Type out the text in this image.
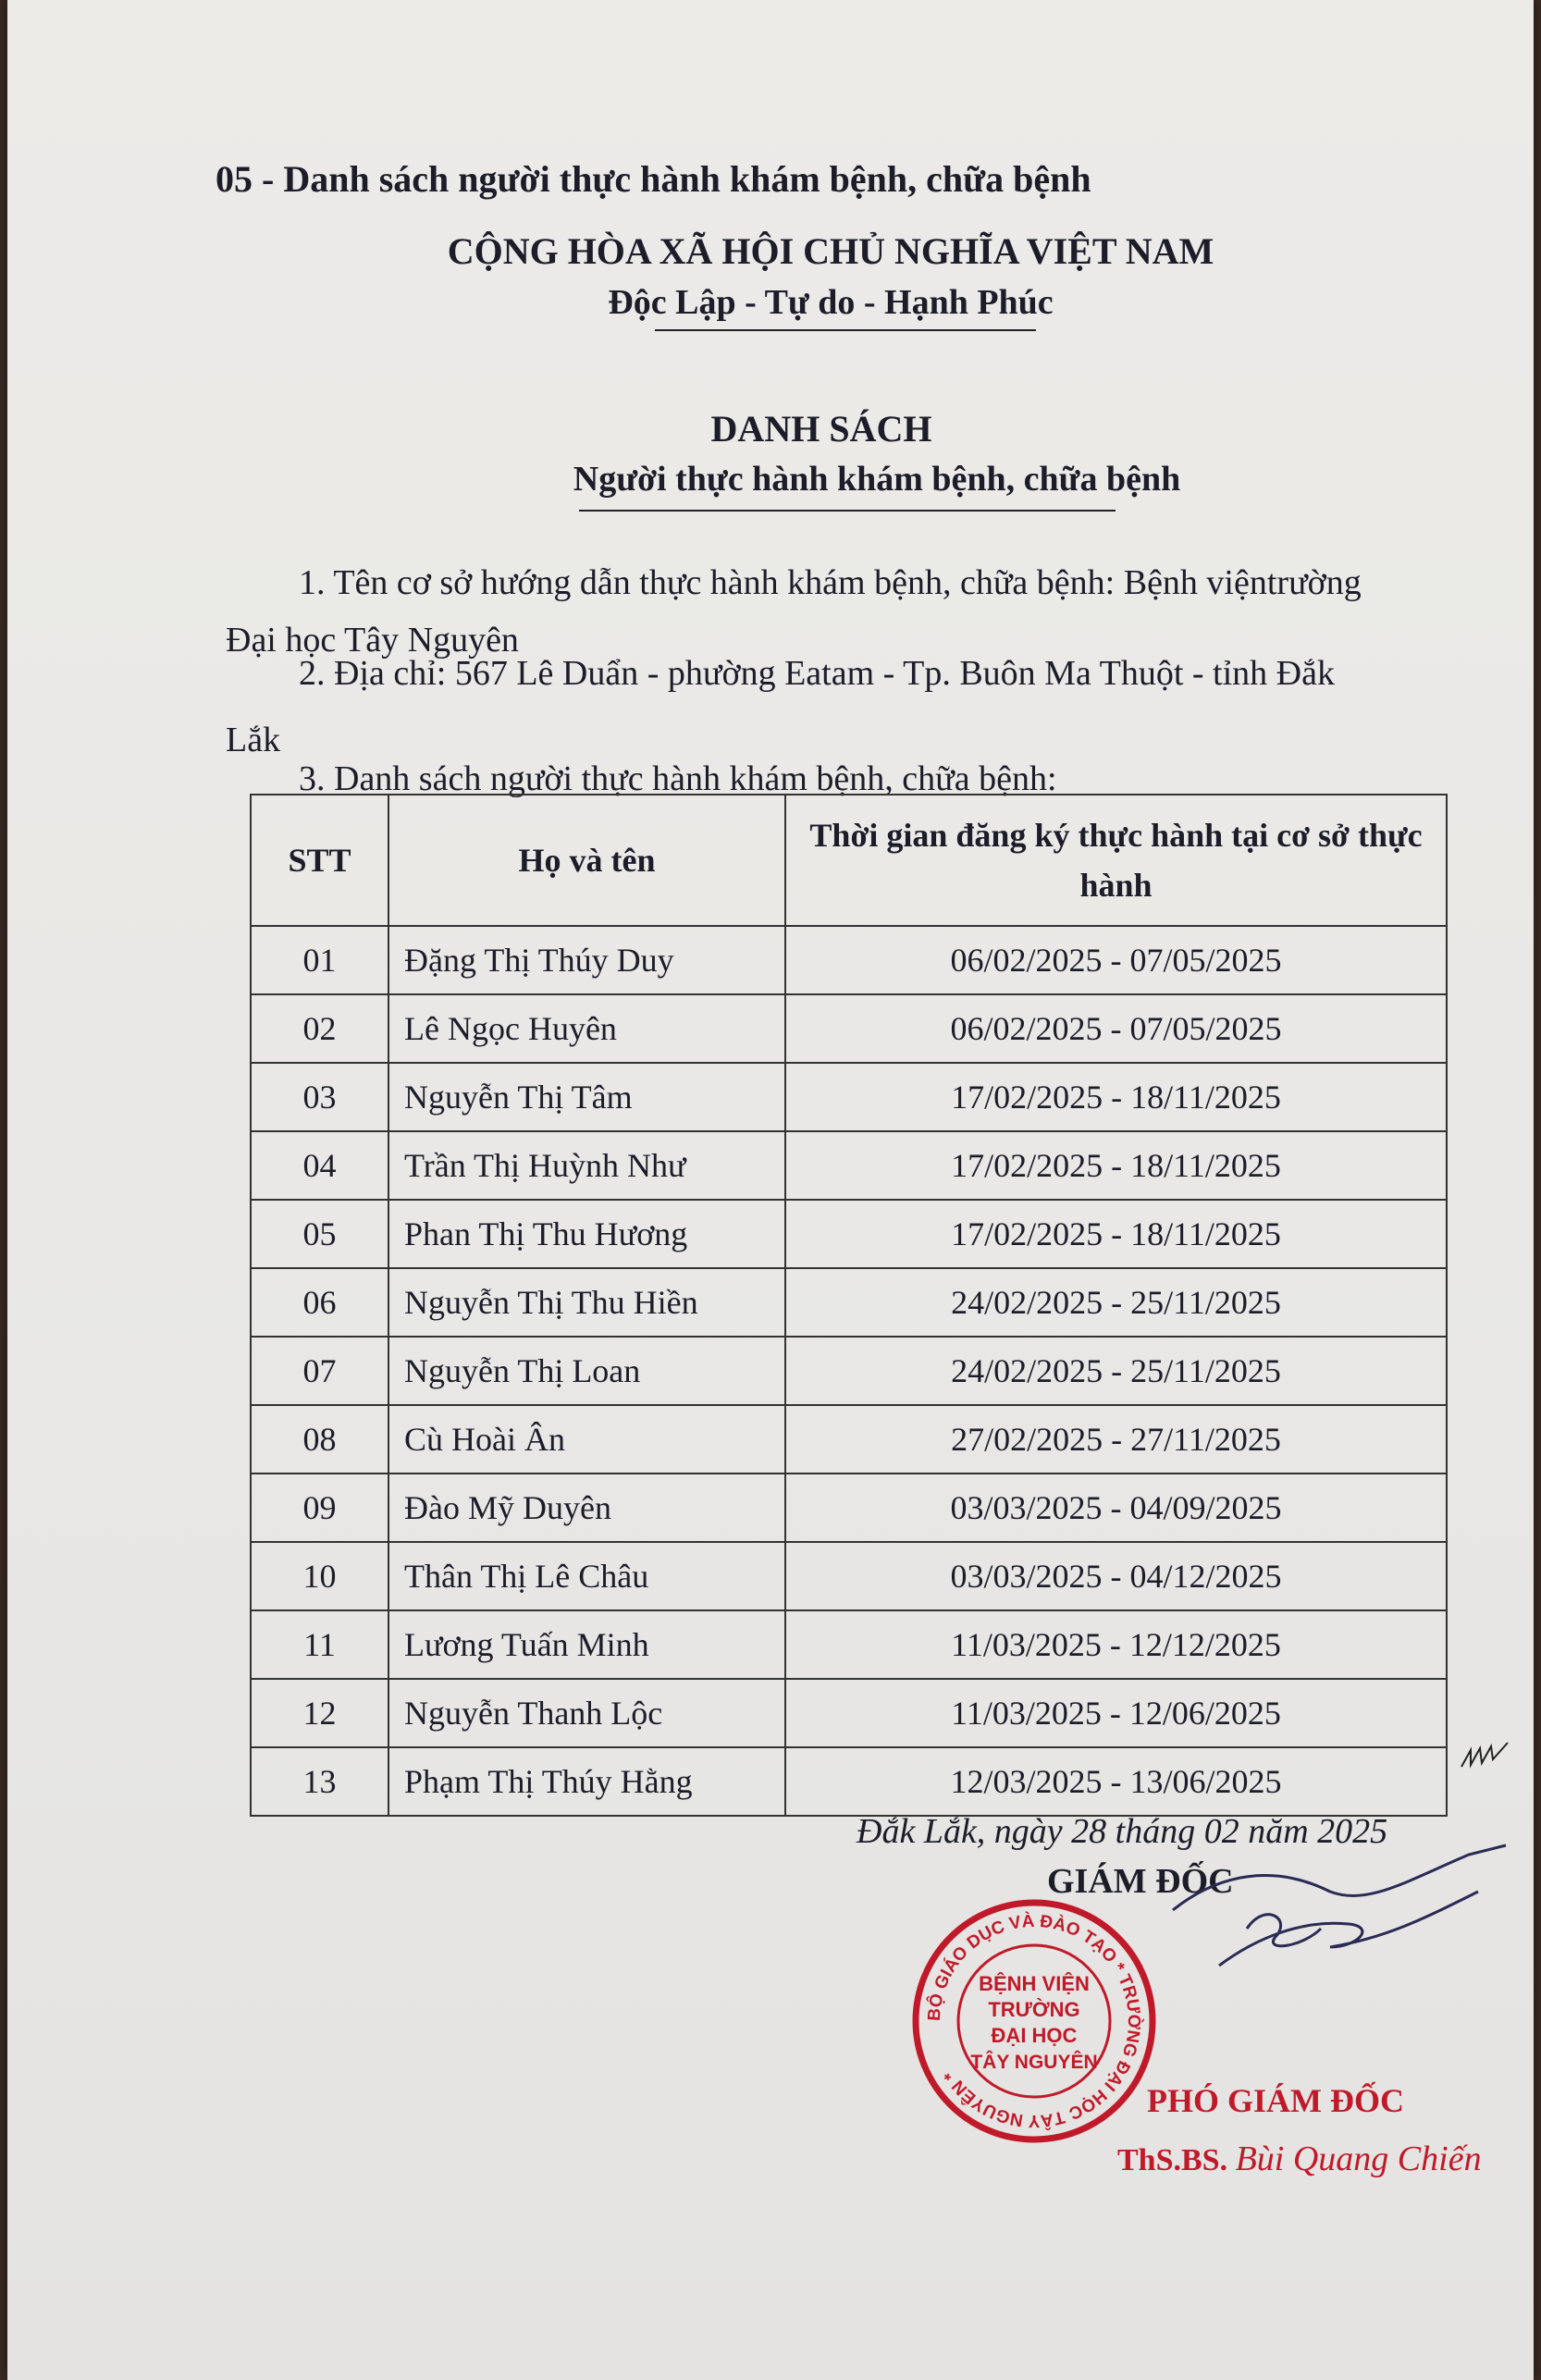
05 - Danh sách người thực hành khám bệnh, chữa bệnh
CỘNG HÒA XÃ HỘI CHỦ NGHĨA VIỆT NAM
Độc Lập - Tự do - Hạnh Phúc
DANH SÁCH
Người thực hành khám bệnh, chữa bệnh
1. Tên cơ sở hướng dẫn thực hành khám bệnh, chữa bệnh: Bệnh việntrường
Đại học Tây Nguyên
2. Địa chỉ: 567 Lê Duẩn - phường Eatam - Tp. Buôn Ma Thuột - tỉnh Đắk
Lắk
3. Danh sách người thực hành khám bệnh, chữa bệnh:
STT	Họ và tên	Thời gian đăng ký thực hành tại cơ sở thực hành
01	Đặng Thị Thúy Duy	06/02/2025 - 07/05/2025
02	Lê Ngọc Huyên	06/02/2025 - 07/05/2025
03	Nguyễn Thị Tâm	17/02/2025 - 18/11/2025
04	Trần Thị Huỳnh Như	17/02/2025 - 18/11/2025
05	Phan Thị Thu Hương	17/02/2025 - 18/11/2025
06	Nguyễn Thị Thu Hiền	24/02/2025 - 25/11/2025
07	Nguyễn Thị Loan	24/02/2025 - 25/11/2025
08	Cù Hoài Ân	27/02/2025 - 27/11/2025
09	Đào Mỹ Duyên	03/03/2025 - 04/09/2025
10	Thân Thị Lê Châu	03/03/2025 - 04/12/2025
11	Lương Tuấn Minh	11/03/2025 - 12/12/2025
12	Nguyễn Thanh Lộc	11/03/2025 - 12/06/2025
13	Phạm Thị Thúy Hằng	12/03/2025 - 13/06/2025
Đắk Lắk, ngày 28 tháng 02 năm 2025
GIÁM ĐỐC
BỘ GIÁO DỤC VÀ ĐÀO TẠO * TRƯỜNG ĐẠI HỌC TÂY NGUYÊN *
BỆNH VIỆN
TRƯỜNG
ĐẠI HỌC
TÂY NGUYÊN
PHÓ GIÁM ĐỐC
ThS.BS. Bùi Quang Chiến
